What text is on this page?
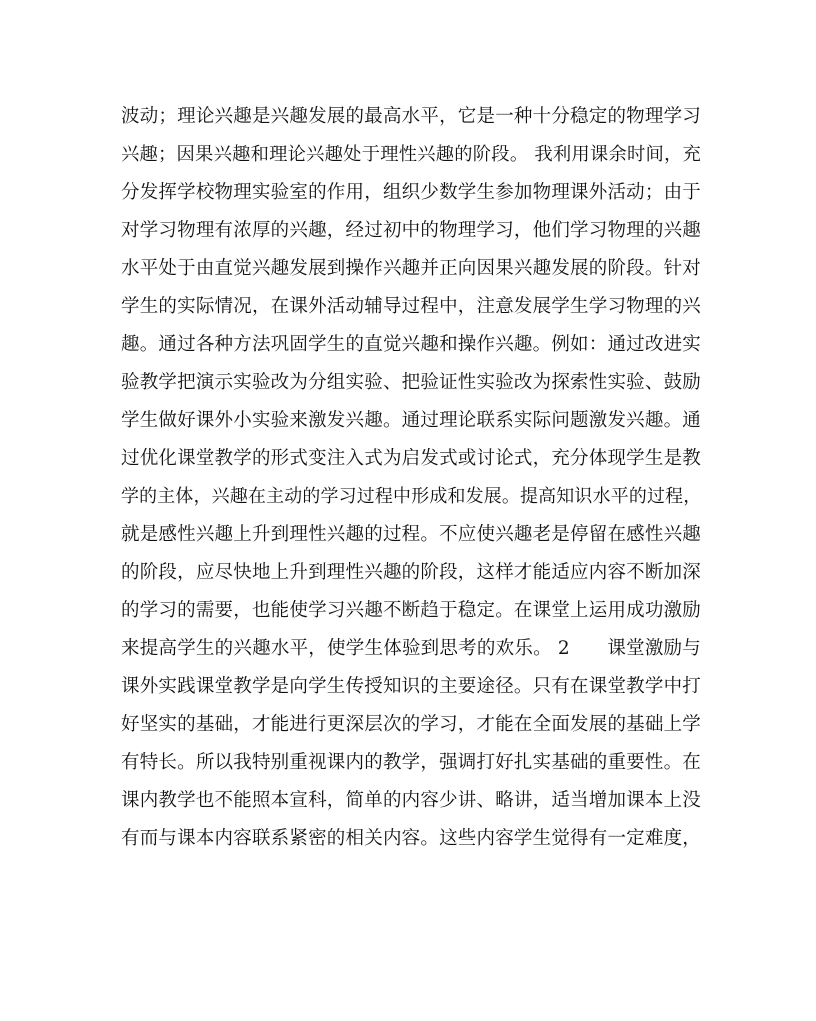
波动；理论兴趣是兴趣发展的最高水平，它是一种十分稳定的物理学习
兴趣；因果兴趣和理论兴趣处于理性兴趣的阶段。 我利用课余时间，充
分发挥学校物理实验室的作用，组织少数学生参加物理课外活动；由于
对学习物理有浓厚的兴趣，经过初中的物理学习，他们学习物理的兴趣
水平处于由直觉兴趣发展到操作兴趣并正向因果兴趣发展的阶段。针对
学生的实际情况，在课外活动辅导过程中，注意发展学生学习物理的兴
趣。通过各种方法巩固学生的直觉兴趣和操作兴趣。例如：通过改进实
验教学把演示实验改为分组实验、把验证性实验改为探索性实验、鼓励
学生做好课外小实验来激发兴趣。通过理论联系实际问题激发兴趣。通
过优化课堂教学的形式变注入式为启发式或讨论式，充分体现学生是教
学的主体，兴趣在主动的学习过程中形成和发展。提高知识水平的过程，
就是感性兴趣上升到理性兴趣的过程。不应使兴趣老是停留在感性兴趣
的阶段，应尽快地上升到理性兴趣的阶段，这样才能适应内容不断加深
的学习的需要，也能使学习兴趣不断趋于稳定。在课堂上运用成功激励
来提高学生的兴趣水平，使学生体验到思考的欢乐。 2　　课堂激励与
课外实践课堂教学是向学生传授知识的主要途径。只有在课堂教学中打
好坚实的基础，才能进行更深层次的学习，才能在全面发展的基础上学
有特长。所以我特别重视课内的教学，强调打好扎实基础的重要性。在
课内教学也不能照本宣科，简单的内容少讲、略讲，适当增加课本上没
有而与课本内容联系紧密的相关内容。这些内容学生觉得有一定难度，
